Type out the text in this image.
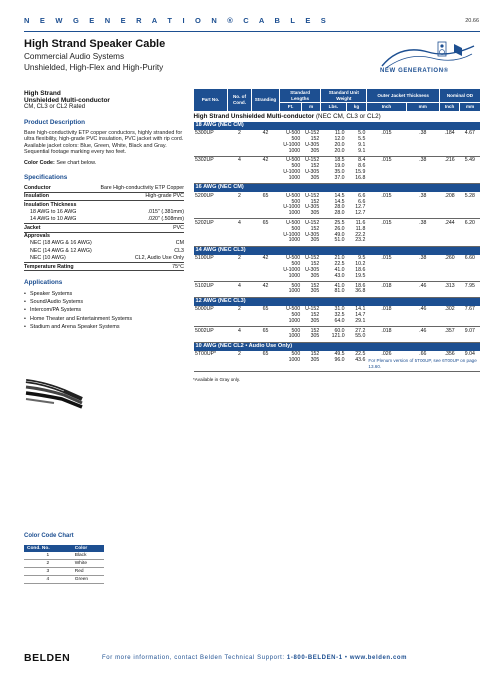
N E W G E N E R A T I O N ® C A B L E S	20.66
High Strand Speaker Cable
Commercial Audio Systems
Unshielded, High-Flex and High-Purity	NEW GENERATION®
High Strand
Unshielded Multi-conductor
CM, CL3 or CL2 Rated
Product Description
Bare high-conductivity ETP copper conductors, highly stranded for ultra flexibility, high-grade PVC insulation, PVC jacket with rip cord. Available jacket colors: Blue, Green, White, Black and Gray. Sequential footage marking every two feet.
Color Code: See chart below.
Specifications
Conductor	Bare High-conductivity ETP Copper
Insulation	High-grade PVC
Insulation Thickness	
18 AWG to 16 AWG	.015" (.381mm)
14 AWG to 10 AWG	.020" (.508mm)
Jacket	PVC
Approvals	
NEC (18 AWG & 16 AWG)	CM
NEC (14 AWG & 12 AWG)	CL3
NEC (10 AWG)	CL2, Audio Use Only
Temperature Rating	75°C
Applications
• Speaker Systems
• Sound/Audio Systems
• Intercom/PA Systems
• Home Theater and Entertainment Systems
• Stadium and Arena Speaker Systems
Color Code Chart
Cond. No.	Color
1	Black
2	White
3	Red
4	Green
Part No.	No. of Cond.	Stranding	Standard Lengths		Standard Unit Weight		Outer Jacket Thickness		Nominal OD	
			Ft.	m	Lbs.	kg	Inch	mm	Inch	mm
High Strand Unshielded Multi-conductor (NEC CM, CL3 or CL2)										
18 AWG (NEC CM)										
5300UP	2	42	U-500	U-152	11.0	5.0	.015	.38	.184	4.67
			500	152	12.0	5.5				
			U-1000	U-305	20.0	9.1				
			1000	305	20.0	9.1				
5302UP	4	42	U-500	U-152	18.5	8.4	.015	.38	.216	5.49
			500	152	19.0	8.6				
			U-1000	U-305	35.0	15.9				
			1000	305	37.0	16.8				
16 AWG (NEC CM)										
5200UP	2	65	U-500	U-152	14.5	6.6	.015	.38	.208	5.28
			500	152	14.5	6.6				
			U-1000	U-305	28.0	12.7				
			1000	305	28.0	12.7				
5202UP	4	65	U-500	U-152	25.5	11.6	.015	.38	.244	6.20
			500	152	26.0	11.8				
			U-1000	U-305	49.0	22.2				
			1000	305	51.0	23.2				
14 AWG (NEC CL3)										
5100UP	2	42	U-500	U-152	21.0	9.5	.015	.38	.260	6.60
			500	152	22.5	10.2				
			U-1000	U-305	41.0	18.6				
			1000	305	43.0	19.5				
5102UP	4	42	500	152	41.0	18.6	.018	.46	.313	7.95
			1000	305	81.0	36.8				
12 AWG (NEC CL3)										
5000UP	2	65	U-500	U-152	31.0	14.1	.018	.46	.302	7.67
			500	152	32.5	14.7				
			1000	305	64.0	29.1				
5002UP	4	65	500	152	60.0	27.2	.018	.46	.357	9.07
			1000	305	121.0	55.0				
10 AWG (NEC CL2 • Audio Use Only)										
5T00UP*	2	65	500	152	49.5	22.5	.026	.66	.356	9.04
			1000	305	96.0	43.6	For Plenum version of 5T00UP, see 6T00UP on page 13.60.			
*Available in Gray only.
BELDEN	For more information, contact Belden Technical Support: 1-800-BELDEN-1 • www.belden.com
